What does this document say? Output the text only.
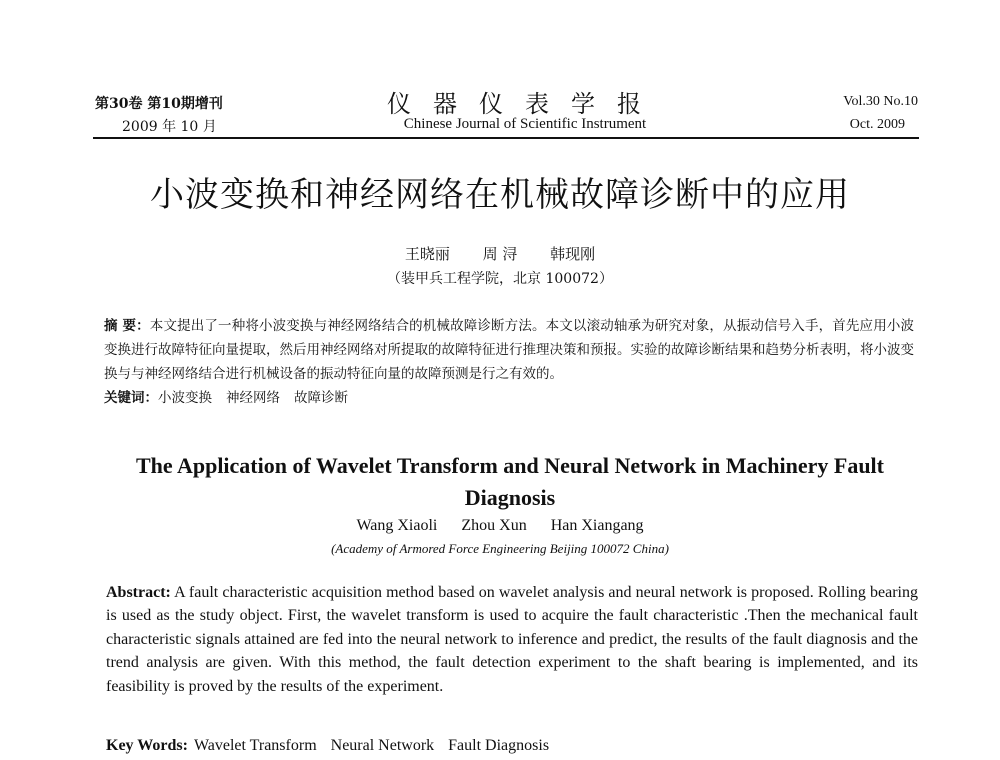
第30卷 第10期增刊
2009 年 10 月
仪器仪表学报
Chinese Journal of Scientific Instrument
Vol.30 No.10
Oct. 2009
小波变换和神经网络在机械故障诊断中的应用
王晓丽 周 浔 韩现刚
（装甲兵工程学院，北京 100072）
摘 要：本文提出了一种将小波变换与神经网络结合的机械故障诊断方法。本文以滚动轴承为研究对象，从振动信号入手，首先应用小波变换进行故障特征向量提取，然后用神经网络对所提取的故障特征进行推理决策和预报。实验的故障诊断结果和趋势分析表明，将小波变换与与神经网络结合进行机械设备的振动特征向量的故障预测是行之有效的。
关键词：小波变换 神经网络 故障诊断
The Application of Wavelet Transform and Neural Network in Machinery Fault Diagnosis
Wang Xiaoli Zhou Xun Han Xiangang
(Academy of Armored Force Engineering Beijing 100072 China)
Abstract: A fault characteristic acquisition method based on wavelet analysis and neural network is proposed. Rolling bearing is used as the study object. First, the wavelet transform is used to acquire the fault characteristic .Then the mechanical fault characteristic signals attained are fed into the neural network to inference and predict, the results of the fault diagnosis and the trend analysis are given. With this method, the fault detection experiment to the shaft bearing is implemented, and its feasibility is proved by the results of the experiment.
Key Words: Wavelet Transform Neural Network Fault Diagnosis
